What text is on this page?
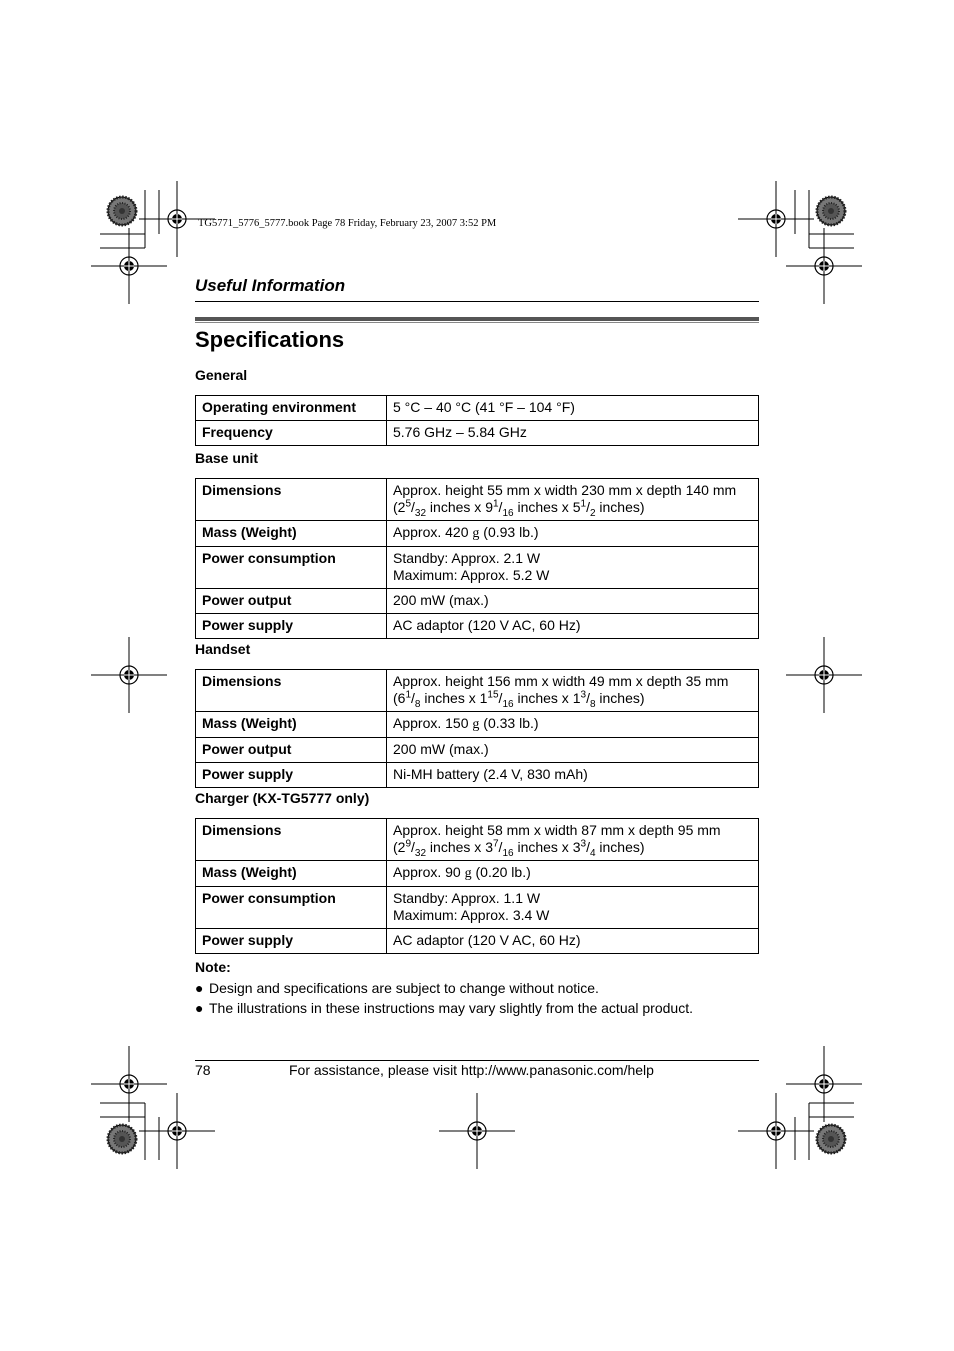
TG5771_5776_5777.book Page 78 Friday, February 23, 2007 3:52 PM
Useful Information
Specifications
General
Operating environment	5 °C – 40 °C (41 °F – 104 °F)
Frequency	5.76 GHz – 5.84 GHz
Base unit
Dimensions	Approx. height 55 mm x width 230 mm x depth 140 mm
($2^5/_{32}$ inches x $9^1/_{16}$ inches x $5^1/_2$ inches)

Mass (Weight)	Approx. 420 g (0.93 lb.)
Power consumption	Standby: Approx. 2.1 W
Maximum: Approx. 5.2 W

Power output	200 mW (max.)
Power supply	AC adaptor (120 V AC, 60 Hz)
Handset
Dimensions	Approx. height 156 mm x width 49 mm x depth 35 mm
($6^1/_8$ inches x $1^{15}/_{16}$ inches x $1^3/_8$ inches)

Mass (Weight)	Approx. 150 g (0.33 lb.)
Power output	200 mW (max.)
Power supply	Ni-MH battery (2.4 V, 830 mAh)
Charger (KX-TG5777 only)
Dimensions	Approx. height 58 mm x width 87 mm x depth 95 mm
($2^9/_{32}$ inches x $3^7/_{16}$ inches x $3^3/_4$ inches)

Mass (Weight)	Approx. 90 g (0.20 lb.)
Power consumption	Standby: Approx. 1.1 W
Maximum: Approx. 3.4 W

Power supply	AC adaptor (120 V AC, 60 Hz)
Note:
● Design and specifications are subject to change without notice.
● The illustrations in these instructions may vary slightly from the actual product.
78	For assistance, please visit http://www.panasonic.com/help
